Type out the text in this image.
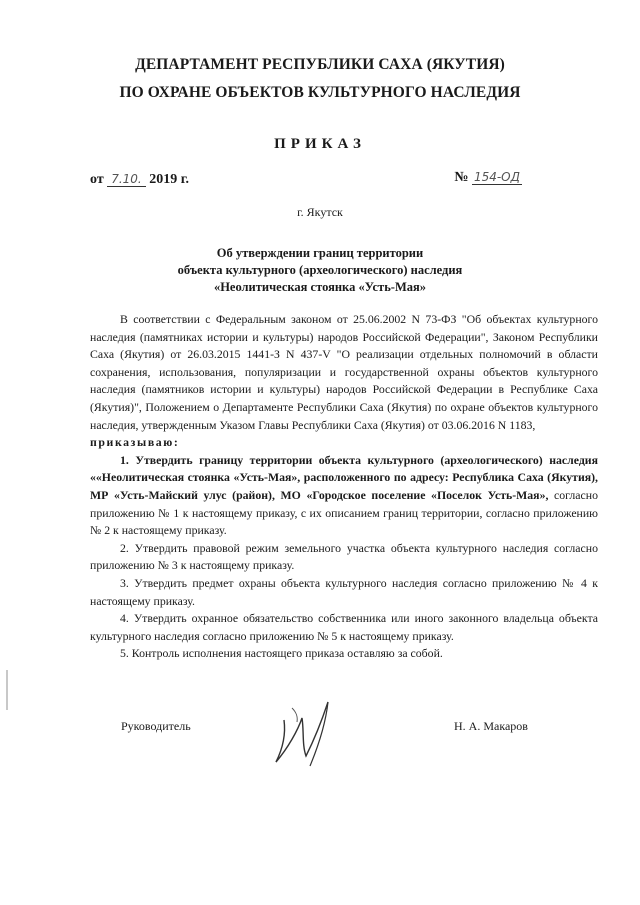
ДЕПАРТАМЕНТ РЕСПУБЛИКИ САХА (ЯКУТИЯ)
ПО ОХРАНЕ ОБЪЕКТОВ КУЛЬТУРНОГО НАСЛЕДИЯ
ПРИКАЗ
от 7.10. 2019 г.	№ 154-ОД
г. Якутск
Об утверждении границ территории
объекта культурного (археологического) наследия
«Неолитическая стоянка «Усть-Мая»

В соответствии с Федеральным законом от 25.06.2002 N 73-ФЗ "Об объектах культурного наследия (памятниках истории и культуры) народов Российской Федерации", Законом Республики Саха (Якутия) от 26.03.2015 1441-З N 437-V "О реализации отдельных полномочий в области сохранения, использования, популяризации и государственной охраны объектов культурного наследия (памятников истории и культуры) народов Российской Федерации в Республике Саха (Якутия)", Положением о Департаменте Республики Саха (Якутия) по охране объектов культурного наследия, утвержденным Указом Главы Республики Саха (Якутия) от 03.06.2016 N 1183,

приказываю:

1. Утвердить границу территории объекта культурного (археологического) наследия ««Неолитическая стоянка «Усть-Мая», расположенного по адресу: Республика Саха (Якутия), МР «Усть-Майский улус (район), МО «Городское поселение «Поселок Усть-Мая», согласно приложению № 1 к настоящему приказу, с их описанием границ территории, согласно приложению № 2 к настоящему приказу.

2. Утвердить правовой режим земельного участка объекта культурного наследия согласно приложению № 3 к настоящему приказу.

3. Утвердить предмет охраны объекта культурного наследия согласно приложению № 4 к настоящему приказу.

4. Утвердить охранное обязательство собственника или иного законного владельца объекта культурного наследия согласно приложению № 5 к настоящему приказу.

5. Контроль исполнения настоящего приказа оставляю за собой.

Руководитель	Н. А. Макаров
